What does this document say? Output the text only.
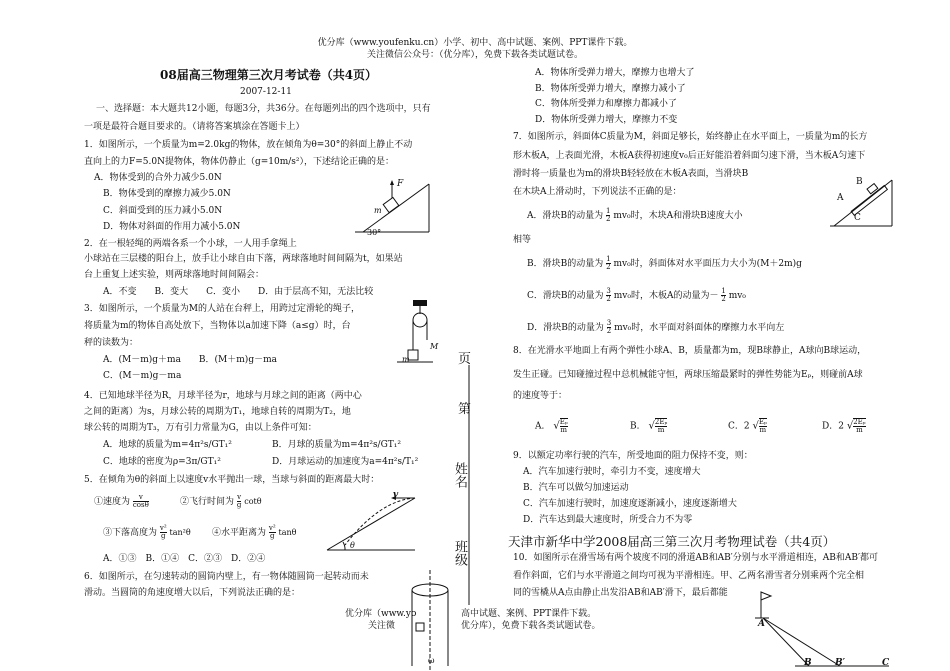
优分库（www.youfenku.cn）小学、初中、高中试题、案例、PPT课件下载。
关注微信公众号：（优分库），免费下载各类试题试卷。
08届高三物理第三次月考试卷（共4页）
2007-12-11
一、选择题：本大题共12小题，每题3分，共36分。在每题列出的四个选项中，只有
一项是最符合题目要求的。（请将答案填涂在答题卡上）
1．如图所示，一个质量为m=2.0kg的物体，放在倾角为θ=30°的斜面上静止不动
直向上的力F=5.0N提物体，物体仍静止（g=10m/s²），下述结论正确的是：
A．物体受到的合外力减少5.0N
B．物体受到的摩擦力减少5.0N
C．斜面受到的压力减小5.0N
D．物体对斜面的作用力减小5.0N
F
m
30°
2．在一根轻绳的两端各系一个小球，一人用手拿绳上
小球站在三层楼的阳台上，放手让小球自由下落，两球落地时间间隔为t，如果站
台上重复上述实验，则两球落地时间间隔会：
A．不变　　B．变大　　C．变小　　D．由于层高不知，无法比较
3．如图所示，一个质量为M的人站在台秤上，用跨过定滑轮的绳子，
将质量为m的物体自高处放下，当物体以a加速下降（a≤g）时，台
秤的读数为：
A．(M－m)g＋ma　　B．(M＋m)g－ma
C．(M－m)g－ma
m
M
4．已知地球半径为R，月球半径为r，地球与月球之间的距离（两中心
之间的距离）为s，月球公转的周期为T₁，地球自转的周期为T₂，地
球公转的周期为T₃，万有引力常量为G，由以上条件可知：
A．地球的质量为m=4π²s/GT₁²	B．月球的质量为m=4π²s/GT₁²
C．地球的密度为ρ=3π/GT₁²	D．月球运动的加速度为a=4π²s/T₁²
5．在倾角为θ的斜面上以速度v水平抛出一球，当球与斜面的距离最大时：
①速度为 $\frac{v}{\cos\theta}$	②飞行时间为 $\frac{v}{g}$ cotθ
③下落高度为 $\frac{\text{v²}}{g} \tan^2\theta$ ④水平距离为 $\frac{\text{v²}}{g}$ tanθ
A．①③　B．①④　C．②③　D．②④
v
θ
6．如图所示，在匀速转动的圆筒内壁上，有一物体随圆筒一起转动而未
滑动。当圆筒的角速度增大以后，下列说法正确的是：
ω
优分库（www.yo	高中试题、案例、PPT课件下载。
关注微	优分库），免费下载各类试题试卷。
页
第
姓名
班级
A．物体所受弹力增大，摩擦力也增大了
B．物体所受弹力增大，摩擦力减小了
C．物体所受弹力和摩擦力都减小了
D．物体所受弹力增大，摩擦力不变
7．如图所示，斜面体C质量为M，斜面足够长，始终静止在水平面上，一质量为m的长方
形木板A，上表面光滑，木板A获得初速度v₀后正好能沿着斜面匀速下滑，当木板A匀速下
滑时将一质量也为m的滑块B轻轻放在木板A表面，当滑块B
在木块A上滑动时，下列说法不正确的是：
B
A
C
A．滑块B的动量为 $\frac{1}{2} mv_0$时，木块A和滑块B速度大小
相等
B．滑块B的动量为 $\frac{1}{2} mv_0$时，斜面体对水平面压力大小为(M＋2m)g
C．滑块B的动量为 $\frac{3}{2} mv_0$时，木板A的动量为－ $\frac{1}{2} mv_0$
D．滑块B的动量为 $\frac{3}{2} mv_0$时，水平面对斜面体的摩擦力水平向左
8．在光滑水平地面上有两个弹性小球A、B，质量都为m，现B球静止，A球向B球运动，
发生正碰。已知碰撞过程中总机械能守恒，两球压缩最紧时的弹性势能为Eₚ，则碰前A球
的速度等于：
A． √ $\frac{\text{Eₚ}}{m}$	B． √ $\frac{\text{2Eₚ}}{m}$	C．2 √ $\frac{\text{Eₚ}}{m}$	D．2 √ $\frac{\text{2Eₚ}}{m}$
9．以额定功率行驶的汽车，所受地面的阻力保持不变，则：
A．汽车加速行驶时，牵引力不变，速度增大
B．汽车可以做匀加速运动
C．汽车加速行驶时，加速度逐渐减小，速度逐渐增大
D．汽车达到最大速度时，所受合力不为零
天津市新华中学2008届高三第三次月考物理试卷（共4页）
10．如图所示在滑雪场有两个坡度不同的滑道AB和AB′分别与水平滑道相连，AB和AB′都可
看作斜面，它们与水平滑道之间均可视为平滑相连。甲、乙两名滑雪者分别乘两个完全相
同的雪橇从A点由静止出发沿AB和AB′滑下，最后都能
A
B	B′	C
